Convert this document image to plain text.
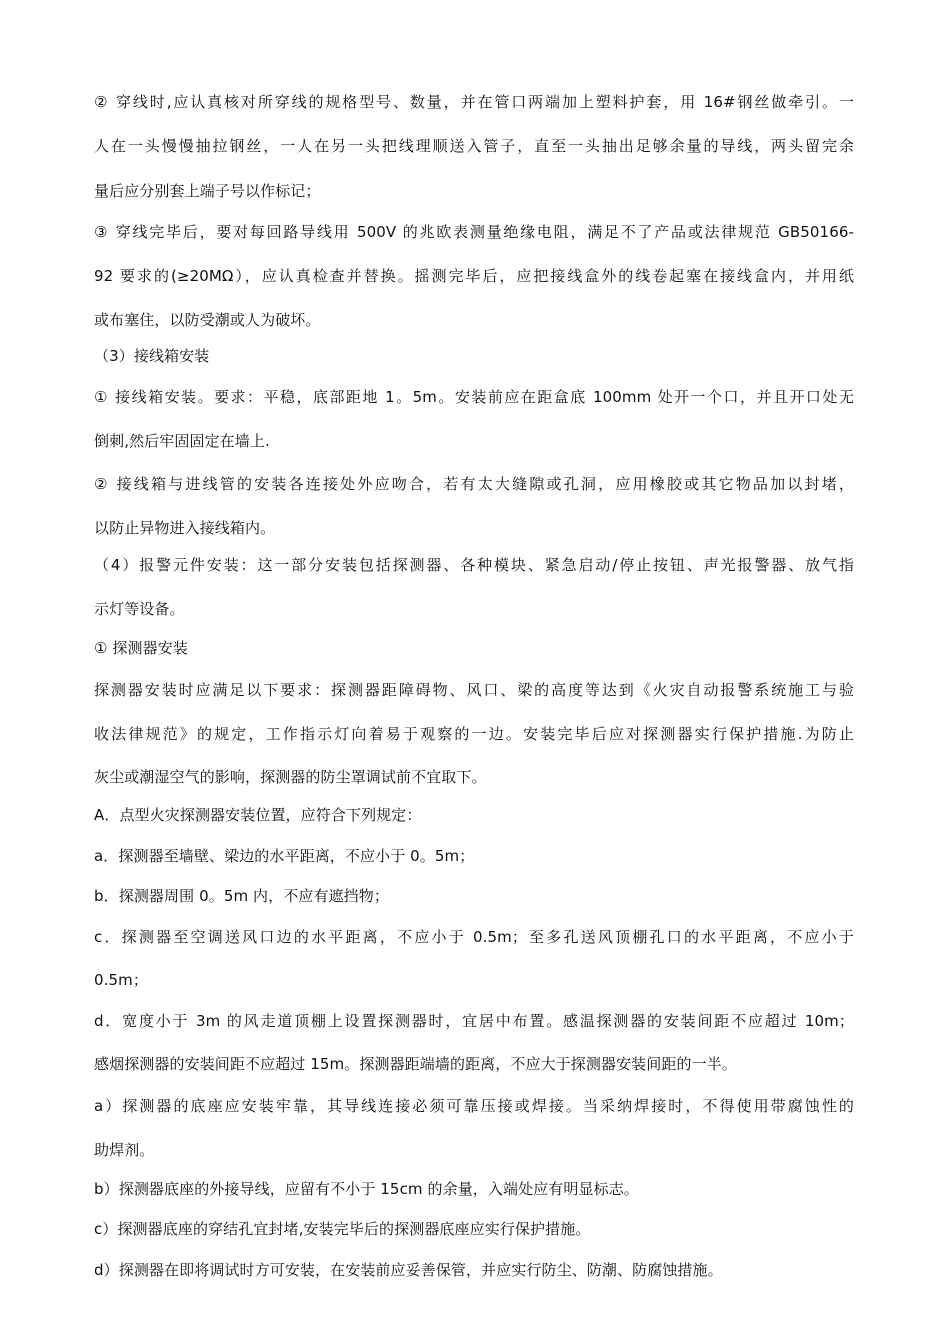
② 穿线时,应认真核对所穿线的规格型号、数量，并在管口两端加上塑料护套，用 16#钢丝做牵引。一
人在一头慢慢抽拉钢丝，一人在另一头把线理顺送入管子，直至一头抽出足够余量的导线，两头留完余
量后应分别套上端子号以作标记；
③ 穿线完毕后，要对每回路导线用 500V 的兆欧表测量绝缘电阻，满足不了产品或法律规范 GB50166-
92 要求的(≥20MΩ），应认真检查并替换。摇测完毕后，应把接线盒外的线卷起塞在接线盒内，并用纸
或布塞住，以防受潮或人为破坏。
（3）接线箱安装
① 接线箱安装。要求：平稳，底部距地 1。5m。安装前应在距盒底 100mm 处开一个口，并且开口处无
倒刺,然后牢固固定在墙上.
② 接线箱与进线管的安装各连接处外应吻合，若有太大缝隙或孔洞，应用橡胶或其它物品加以封堵，
以防止异物进入接线箱内。
（4）报警元件安装：这一部分安装包括探测器、各种模块、紧急启动/停止按钮、声光报警器、放气指
示灯等设备。
① 探测器安装
探测器安装时应满足以下要求：探测器距障碍物、风口、梁的高度等达到《火灾自动报警系统施工与验
收法律规范》的规定，工作指示灯向着易于观察的一边。安装完毕后应对探测器实行保护措施.为防止
灰尘或潮湿空气的影响，探测器的防尘罩调试前不宜取下。
A．点型火灾探测器安装位置，应符合下列规定：
a．探测器至墙壁、梁边的水平距离，不应小于 0。5m；
b．探测器周围 0。5m 内，不应有遮挡物；
c．探测器至空调送风口边的水平距离，不应小于 0.5m；至多孔送风顶棚孔口的水平距离，不应小于
0.5m；
d．宽度小于 3m 的风走道顶棚上设置探测器时，宜居中布置。感温探测器的安装间距不应超过 10m；
感烟探测器的安装间距不应超过 15m。探测器距端墙的距离，不应大于探测器安装间距的一半。
a）探测器的底座应安装牢靠，其导线连接必须可靠压接或焊接。当采纳焊接时，不得使用带腐蚀性的
助焊剂。
b）探测器底座的外接导线，应留有不小于 15cm 的余量，入端处应有明显标志。
c）探测器底座的穿结孔宜封堵,安装完毕后的探测器底座应实行保护措施。
d）探测器在即将调试时方可安装，在安装前应妥善保管，并应实行防尘、防潮、防腐蚀措施。
